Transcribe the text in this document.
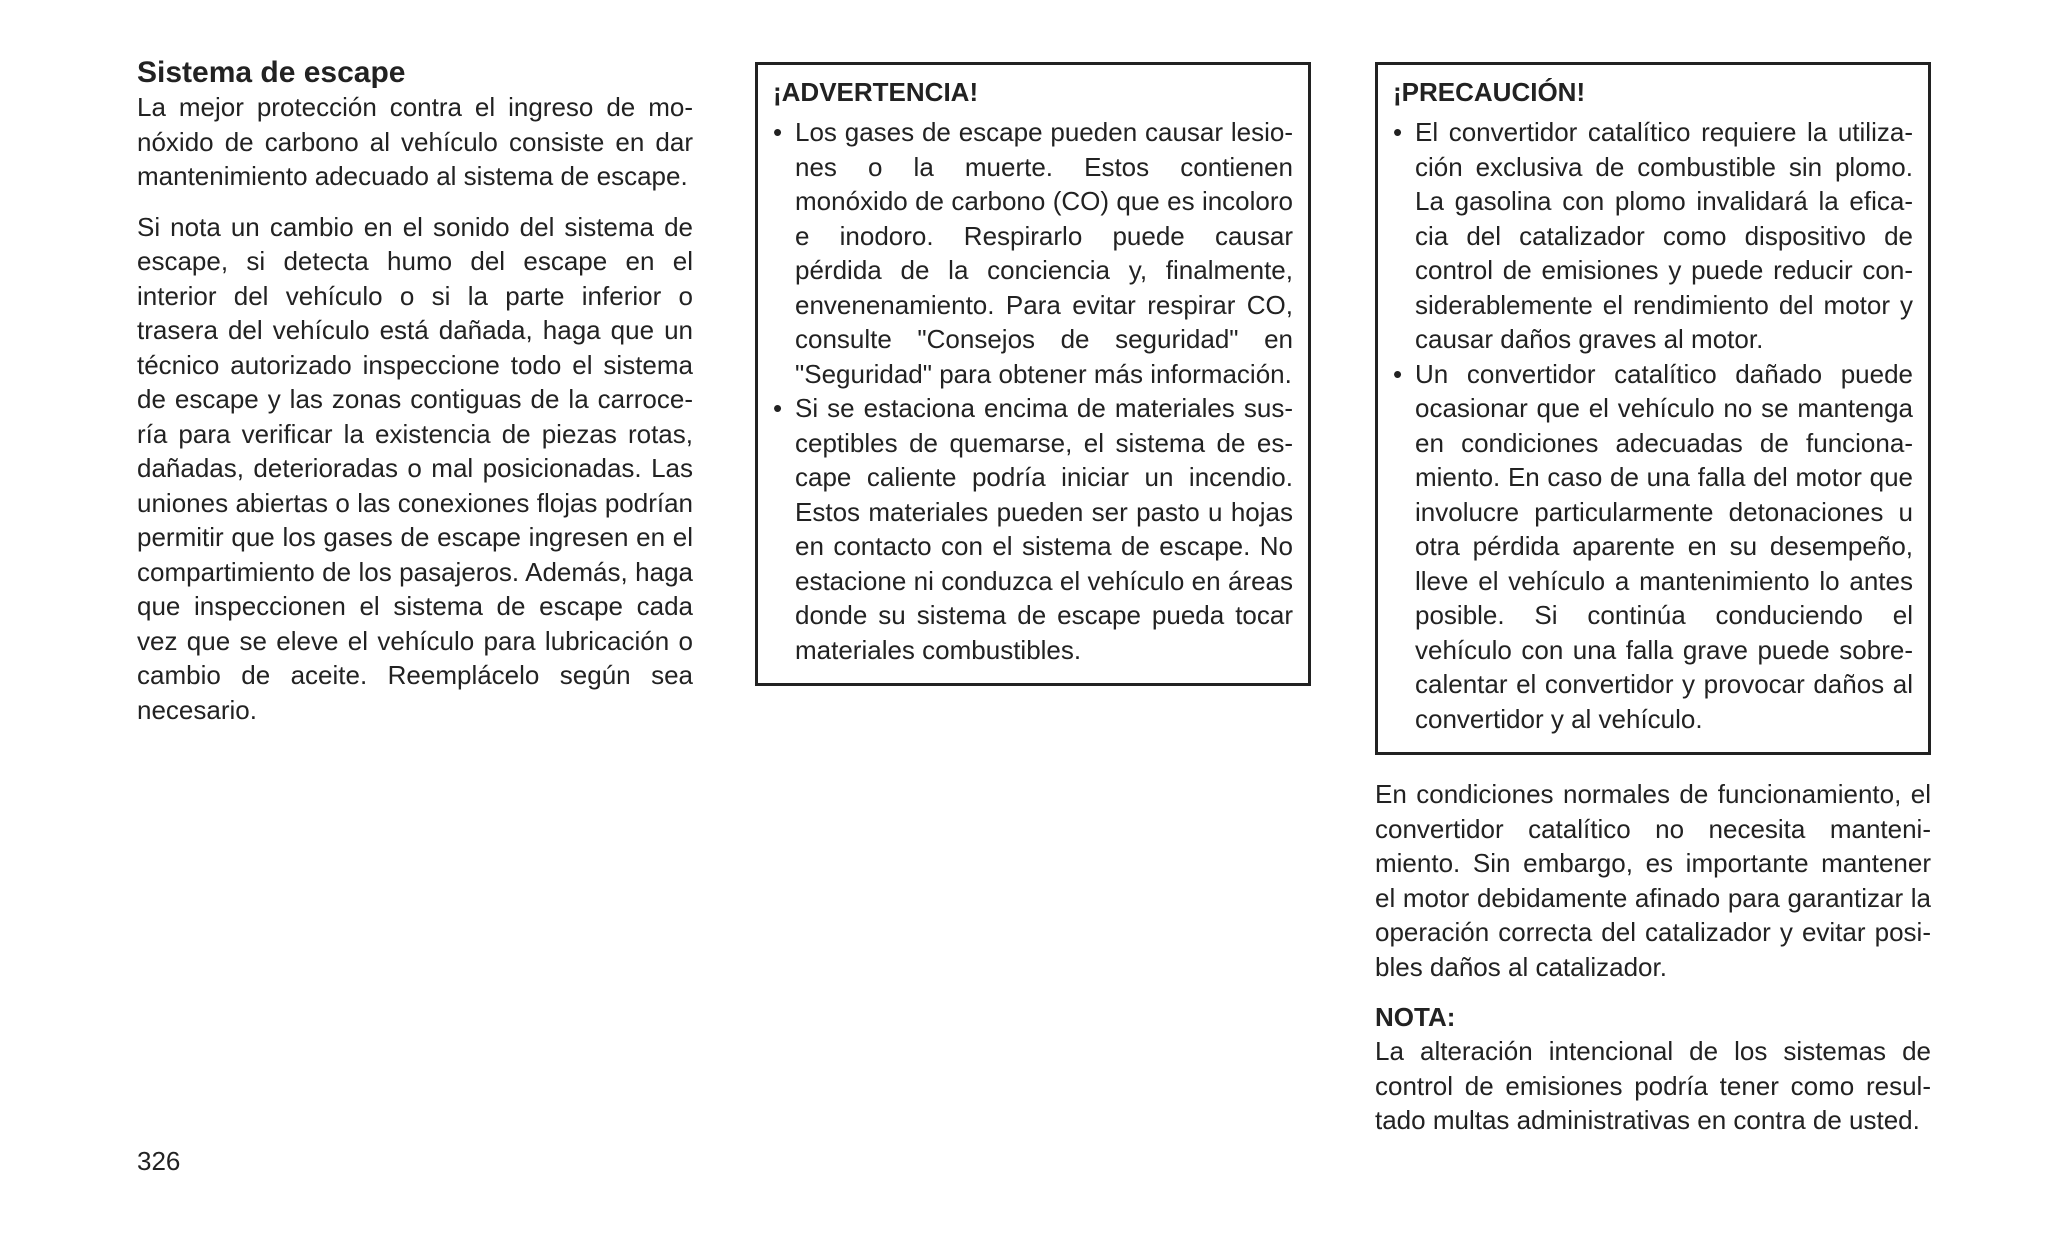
Sistema de escape

La mejor protección contra el ingreso de monóxido de carbono al vehículo consiste en dar mantenimiento adecuado al sistema de escape.

Si nota un cambio en el sonido del sistema de escape, si detecta humo del escape en el interior del vehículo o si la parte inferior o trasera del vehículo está dañada, haga que un técnico autorizado inspeccione todo el sistema de escape y las zonas contiguas de la carrocería para verificar la existencia de piezas rotas, dañadas, deterioradas o mal posicionadas. Las uniones abiertas o las conexiones flojas podrían permitir que los gases de escape ingresen en el compartimiento de los pasajeros. Además, haga que inspeccionen el sistema de escape cada vez que se eleve el vehículo para lubricación o cambio de aceite. Reemplácelo según sea necesario.

¡ADVERTENCIA!

• Los gases de escape pueden causar lesiones o la muerte. Estos contienen monóxido de carbono (CO) que es incoloro e inodoro. Respirarlo puede causar pérdida de la conciencia y, finalmente, envenenamiento. Para evitar respirar CO, consulte "Consejos de seguridad" en "Seguridad" para obtener más información.
• Si se estaciona encima de materiales susceptibles de quemarse, el sistema de escape caliente podría iniciar un incendio. Estos materiales pueden ser pasto u hojas en contacto con el sistema de escape. No estacione ni conduzca el vehículo en áreas donde su sistema de escape pueda tocar materiales combustibles.

¡PRECAUCIÓN!

• El convertidor catalítico requiere la utilización exclusiva de combustible sin plomo. La gasolina con plomo invalidará la eficacia del catalizador como dispositivo de control de emisiones y puede reducir considerablemente el rendimiento del motor y causar daños graves al motor.
• Un convertidor catalítico dañado puede ocasionar que el vehículo no se mantenga en condiciones adecuadas de funcionamiento. En caso de una falla del motor que involucre particularmente detonaciones u otra pérdida aparente en su desempeño, lleve el vehículo a mantenimiento lo antes posible. Si continúa conduciendo el vehículo con una falla grave puede sobrecalentar el convertidor y provocar daños al convertidor y al vehículo.

En condiciones normales de funcionamiento, el convertidor catalítico no necesita mantenimiento. Sin embargo, es importante mantener el motor debidamente afinado para garantizar la operación correcta del catalizador y evitar posibles daños al catalizador.

NOTA:

La alteración intencional de los sistemas de control de emisiones podría tener como resultado multas administrativas en contra de usted.

326
